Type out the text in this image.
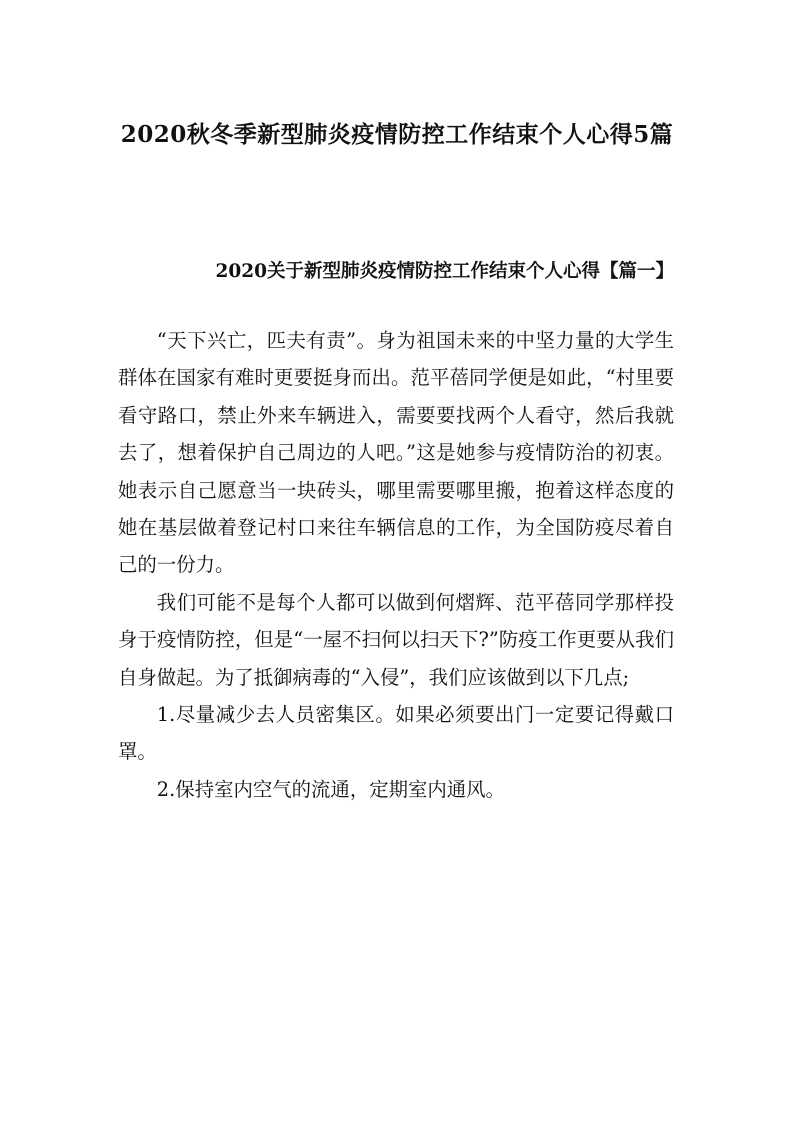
2020秋冬季新型肺炎疫情防控工作结束个人心得5篇
2020关于新型肺炎疫情防控工作结束个人心得【篇一】

“天下兴亡，匹夫有责”。身为祖国未来的中坚力量的大学生群体在国家有难时更要挺身而出。范平蓓同学便是如此，“村里要看守路口，禁止外来车辆进入，需要要找两个人看守，然后我就去了，想着保护自己周边的人吧。”这是她参与疫情防治的初衷。她表示自己愿意当一块砖头，哪里需要哪里搬，抱着这样态度的她在基层做着登记村口来往车辆信息的工作，为全国防疫尽着自己的一份力。

我们可能不是每个人都可以做到何熠辉、范平蓓同学那样投身于疫情防控，但是“一屋不扫何以扫天下?”防疫工作更要从我们自身做起。为了抵御病毒的“入侵”，我们应该做到以下几点;

1.尽量减少去人员密集区。如果必须要出门一定要记得戴口罩。

2.保持室内空气的流通，定期室内通风。
